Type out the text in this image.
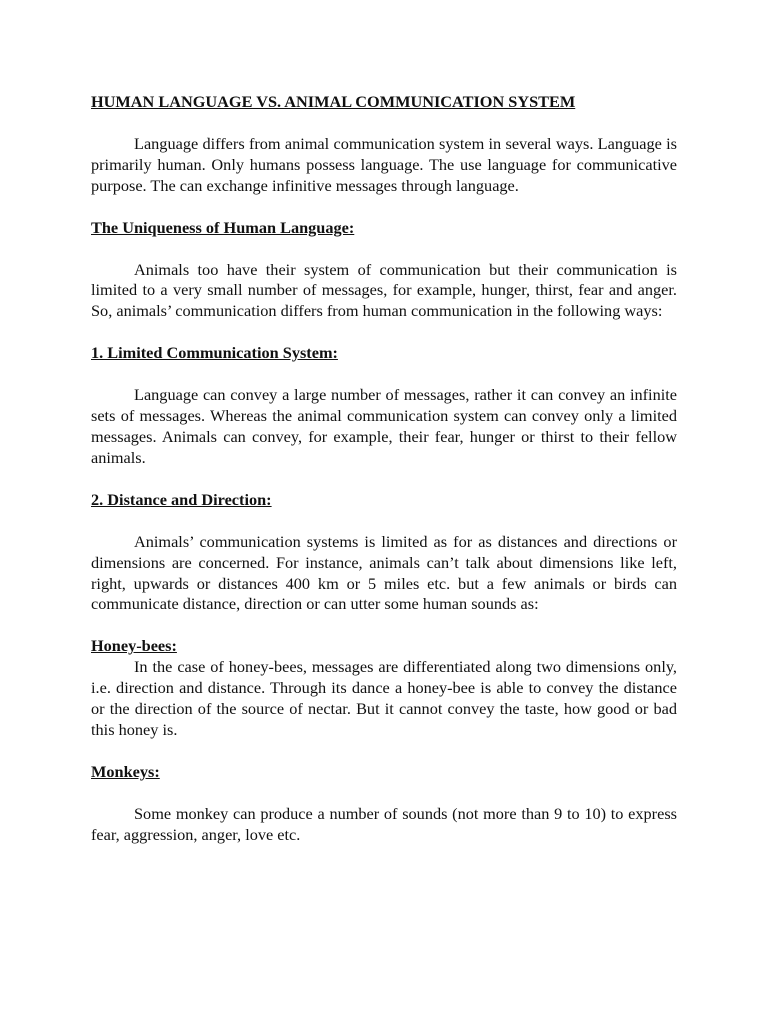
HUMAN LANGUAGE VS. ANIMAL COMMUNICATION SYSTEM

Language differs from animal communication system in several ways. Language is primarily human. Only humans possess language. The use language for communicative purpose. The can exchange infinitive messages through language.

The Uniqueness of Human Language:

Animals too have their system of communication but their communication is limited to a very small number of messages, for example, hunger, thirst, fear and anger. So, animals’ communication differs from human communication in the following ways:

1. Limited Communication System:

Language can convey a large number of messages, rather it can convey an infinite sets of messages. Whereas the animal communication system can convey only a limited messages. Animals can convey, for example, their fear, hunger or thirst to their fellow animals.

2. Distance and Direction:

Animals’ communication systems is limited as for as distances and directions or dimensions are concerned. For instance, animals can’t talk about dimensions like left, right, upwards or distances 400 km or 5 miles etc. but a few animals or birds can communicate distance, direction or can utter some human sounds as:

Honey-bees:

In the case of honey-bees, messages are differentiated along two dimensions only, i.e. direction and distance. Through its dance a honey-bee is able to convey the distance or the direction of the source of nectar. But it cannot convey the taste, how good or bad this honey is.

Monkeys:

Some monkey can produce a number of sounds (not more than 9 to 10) to express fear, aggression, anger, love etc.
